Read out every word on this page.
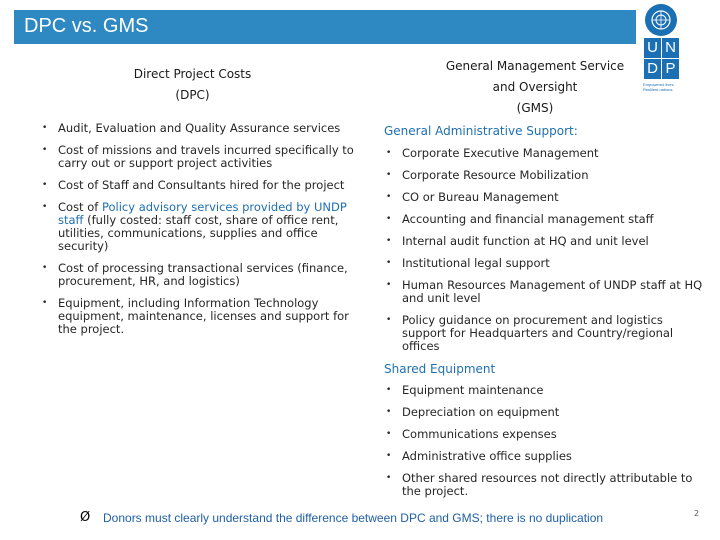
DPC vs. GMS
U N
D P
Empowered lives. Resilient nations.
Direct Project Costs
(DPC)
• Audit, Evaluation and Quality Assurance services
• Cost of missions and travels incurred specifically to carry out or support project activities
• Cost of Staff and Consultants hired for the project
• Cost of Policy advisory services provided by UNDP staff (fully costed: staff cost, share of office rent, utilities, communications, supplies and office security)
• Cost of processing transactional services (finance, procurement, HR, and logistics)
• Equipment, including Information Technology equipment, maintenance, licenses and support for the project.
General Management Service
and Oversight
(GMS)
General Administrative Support:
• Corporate Executive Management
• Corporate Resource Mobilization
• CO or Bureau Management
• Accounting and financial management staff
• Internal audit function at HQ and unit level
• Institutional legal support
• Human Resources Management of UNDP staff at HQ and unit level
• Policy guidance on procurement and logistics support for Headquarters and Country/regional offices
Shared Equipment
• Equipment maintenance
• Depreciation on equipment
• Communications expenses
• Administrative office supplies
• Other shared resources not directly attributable to the project.
Ø Donors must clearly understand the difference between DPC and GMS; there is no duplication	2
